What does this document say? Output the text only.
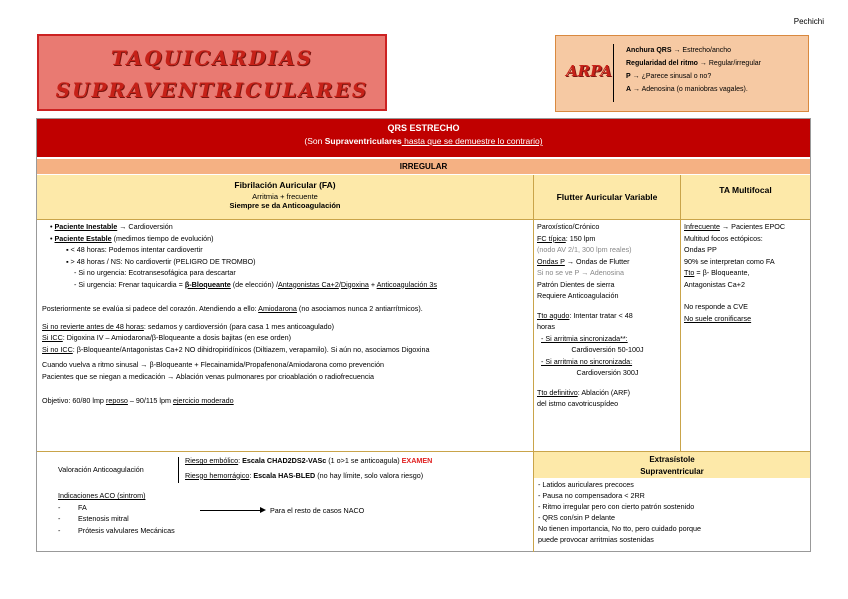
Pechichi
TAQUICARDIAS
SUPRAVENTRICULARES
ARPA
Anchura QRS → Estrecho/ancho
Regularidad del ritmo → Regular/irregular
P → ¿Parece sinusal o no?
A → Adenosina (o maniobras vagales).
QRS ESTRECHO
(Son Supraventriculares hasta que se demuestre lo contrario)
IRREGULAR
Fibrilación Auricular (FA)
Arritmia + frecuente
Siempre se da Anticoagulación
Flutter Auricular Variable
TA Multifocal
• Paciente Inestable → Cardioversión
• Paciente Estable (medimos tiempo de evolución)
▪ < 48 horas: Podemos intentar cardiovertir
▪ > 48 horas / NS: No cardiovertir (PELIGRO DE TROMBO)
- Si no urgencia: Ecotransesofágica para descartar
- Si urgencia: Frenar taquicardia = β-Bloqueante (de elección) /Antagonistas Ca+2/Digoxina + Anticoagulación 3s
Posteriormente se evalúa si padece del corazón. Atendiendo a ello: Amiodarona (no asociamos nunca 2 antiarrítmicos).
Si no revierte antes de 48 horas: sedamos y cardioversión (para casa 1 mes anticoagulado)
Si ICC: Digoxina IV – Amiodarona/β-Bloqueante a dosis bajitas (en ese orden)
Si no ICC: β-Bloqueante/Antagonistas Ca+2 NO dihidropiridínicos (Diltiazem, verapamilo). Si aún no, asociamos Digoxina
Cuando vuelva a ritmo sinusal → β-Bloqueante + Flecainamida/Propafenona/Amiodarona como prevención
Pacientes que se niegan a medicación → Ablación venas pulmonares por crioablación o radiofrecuencia
Objetivo: 60/80 lmp reposo – 90/115 lpm ejercicio moderado
Paroxístico/Crónico
FC típica: 150 lpm
(nodo AV 2/1, 300 lpm reales)
Ondas P → Ondas de Flutter
Si no se ve P → Adenosina
Patrón Dientes de sierra
Requiere Anticoagulación
Tto agudo: Intentar tratar < 48
horas
- Si arritmia sincronizada**:
Cardioversión 50-100J
- Si arritmia no sincronizada:
Cardioversión 300J
Tto definitivo: Ablación (ARF)
del istmo cavotricuspídeo
Infrecuente → Pacientes EPOC
Multitud focos ectópicos:
Ondas PP
90% se interpretan como FA
Tto = β- Bloqueante,
Antagonistas Ca+2
No responde a CVE
No suele cronificarse
Valoración Anticoagulación
Riesgo embólico: Escala CHAD2DS2-VASc (1 o>1 se anticoagula) EXAMEN
Riesgo hemorrágico: Escala HAS-BLED (no hay límite, solo valora riesgo)
Indicaciones ACO (sintrom)
- FA
- Estenosis mitral
- Prótesis valvulares Mecánicas
Para el resto de casos NACO
Extrasístole
Supraventricular
- Latidos auriculares precoces
- Pausa no compensadora < 2RR
- Ritmo irregular pero con cierto patrón sostenido
- QRS con/sin P delante
No tienen importancia, No tto, pero cuidado porque
puede provocar arritmias sostenidas
